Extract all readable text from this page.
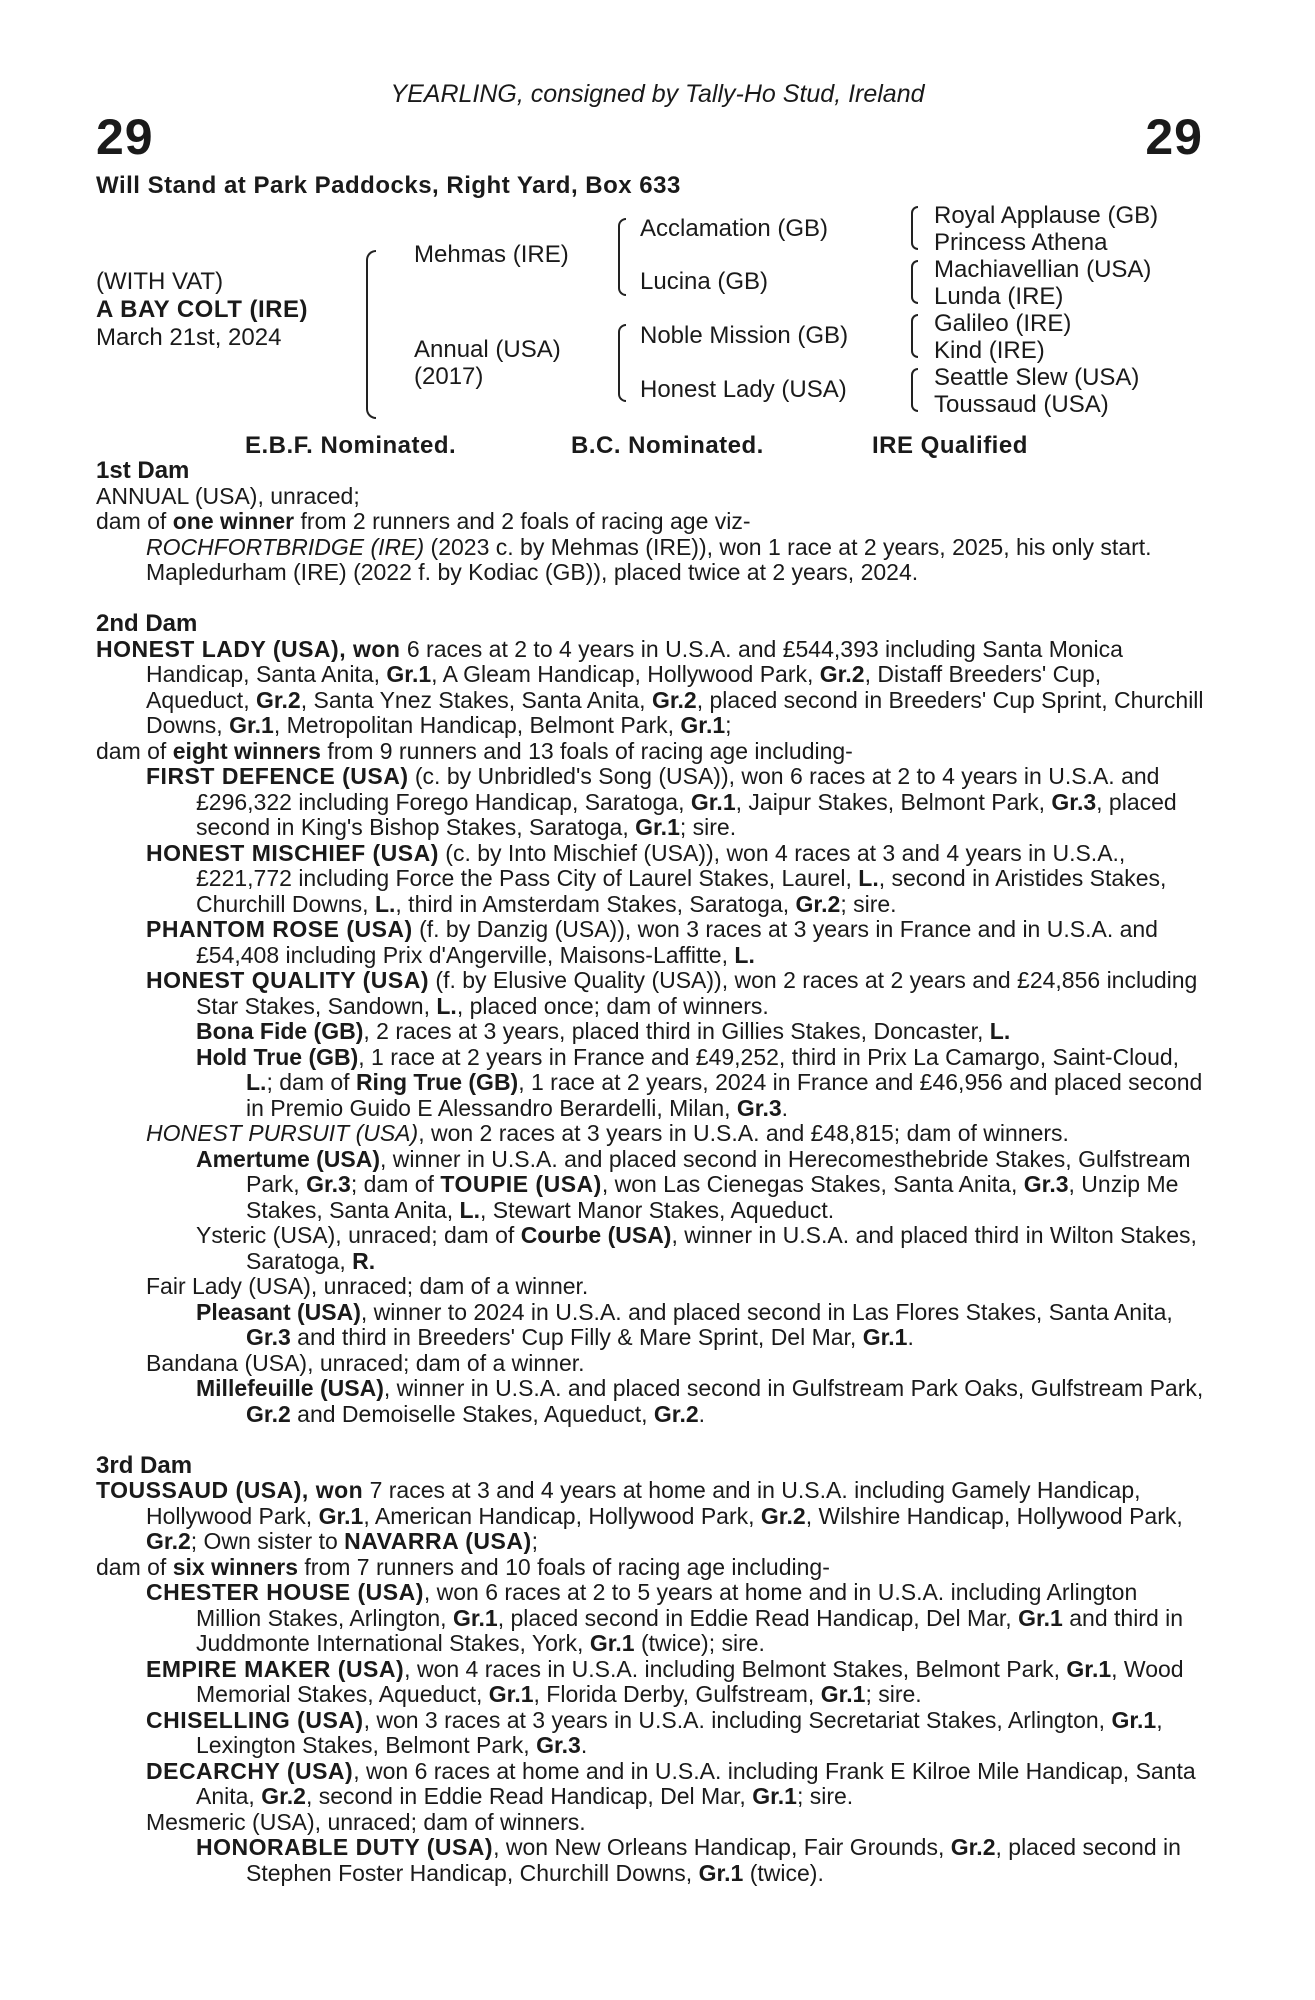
YEARLING, consigned by Tally-Ho Stud, Ireland
29	29
Will Stand at Park Paddocks, Right Yard, Box 633
(WITH VAT)
A BAY COLT (IRE)
March 21st, 2024
Mehmas (IRE)
Annual (USA)
(2017)
Acclamation (GB)
Lucina (GB)
Noble Mission (GB)
Honest Lady (USA)
Royal Applause (GB)
Princess Athena
Machiavellian (USA)
Lunda (IRE)
Galileo (IRE)
Kind (IRE)
Seattle Slew (USA)
Toussaud (USA)
E.B.F. Nominated.	B.C. Nominated.	IRE Qualified

1st Dam

ANNUAL (USA), unraced;

dam of one winner from 2 runners and 2 foals of racing age viz-

ROCHFORTBRIDGE (IRE) (2023 c. by Mehmas (IRE)), won 1 race at 2 years, 2025, his only start.

Mapledurham (IRE) (2022 f. by Kodiac (GB)), placed twice at 2 years, 2024.

2nd Dam

HONEST LADY (USA), won 6 races at 2 to 4 years in U.S.A. and £544,393 including Santa Monica Handicap, Santa Anita, Gr.1, A Gleam Handicap, Hollywood Park, Gr.2, Distaff Breeders' Cup, Aqueduct, Gr.2, Santa Ynez Stakes, Santa Anita, Gr.2, placed second in Breeders' Cup Sprint, Churchill Downs, Gr.1, Metropolitan Handicap, Belmont Park, Gr.1;

dam of eight winners from 9 runners and 13 foals of racing age including-

FIRST DEFENCE (USA) (c. by Unbridled's Song (USA)), won 6 races at 2 to 4 years in U.S.A. and £296,322 including Forego Handicap, Saratoga, Gr.1, Jaipur Stakes, Belmont Park, Gr.3, placed second in King's Bishop Stakes, Saratoga, Gr.1; sire.

HONEST MISCHIEF (USA) (c. by Into Mischief (USA)), won 4 races at 3 and 4 years in U.S.A., £221,772 including Force the Pass City of Laurel Stakes, Laurel, L., second in Aristides Stakes, Churchill Downs, L., third in Amsterdam Stakes, Saratoga, Gr.2; sire.

PHANTOM ROSE (USA) (f. by Danzig (USA)), won 3 races at 3 years in France and in U.S.A. and £54,408 including Prix d'Angerville, Maisons-Laffitte, L.

HONEST QUALITY (USA) (f. by Elusive Quality (USA)), won 2 races at 2 years and £24,856 including Star Stakes, Sandown, L., placed once; dam of winners.

Bona Fide (GB), 2 races at 3 years, placed third in Gillies Stakes, Doncaster, L.

Hold True (GB), 1 race at 2 years in France and £49,252, third in Prix La Camargo, Saint-Cloud, L.; dam of Ring True (GB), 1 race at 2 years, 2024 in France and £46,956 and placed second in Premio Guido E Alessandro Berardelli, Milan, Gr.3.

HONEST PURSUIT (USA), won 2 races at 3 years in U.S.A. and £48,815; dam of winners.

Amertume (USA), winner in U.S.A. and placed second in Herecomesthebride Stakes, Gulfstream Park, Gr.3; dam of TOUPIE (USA), won Las Cienegas Stakes, Santa Anita, Gr.3, Unzip Me Stakes, Santa Anita, L., Stewart Manor Stakes, Aqueduct.

Ysteric (USA), unraced; dam of Courbe (USA), winner in U.S.A. and placed third in Wilton Stakes, Saratoga, R.

Fair Lady (USA), unraced; dam of a winner.

Pleasant (USA), winner to 2024 in U.S.A. and placed second in Las Flores Stakes, Santa Anita, Gr.3 and third in Breeders' Cup Filly & Mare Sprint, Del Mar, Gr.1.

Bandana (USA), unraced; dam of a winner.

Millefeuille (USA), winner in U.S.A. and placed second in Gulfstream Park Oaks, Gulfstream Park, Gr.2 and Demoiselle Stakes, Aqueduct, Gr.2.

3rd Dam

TOUSSAUD (USA), won 7 races at 3 and 4 years at home and in U.S.A. including Gamely Handicap, Hollywood Park, Gr.1, American Handicap, Hollywood Park, Gr.2, Wilshire Handicap, Hollywood Park, Gr.2; Own sister to NAVARRA (USA);

dam of six winners from 7 runners and 10 foals of racing age including-

CHESTER HOUSE (USA), won 6 races at 2 to 5 years at home and in U.S.A. including Arlington Million Stakes, Arlington, Gr.1, placed second in Eddie Read Handicap, Del Mar, Gr.1 and third in Juddmonte International Stakes, York, Gr.1 (twice); sire.

EMPIRE MAKER (USA), won 4 races in U.S.A. including Belmont Stakes, Belmont Park, Gr.1, Wood Memorial Stakes, Aqueduct, Gr.1, Florida Derby, Gulfstream, Gr.1; sire.

CHISELLING (USA), won 3 races at 3 years in U.S.A. including Secretariat Stakes, Arlington, Gr.1, Lexington Stakes, Belmont Park, Gr.3.

DECARCHY (USA), won 6 races at home and in U.S.A. including Frank E Kilroe Mile Handicap, Santa Anita, Gr.2, second in Eddie Read Handicap, Del Mar, Gr.1; sire.

Mesmeric (USA), unraced; dam of winners.

HONORABLE DUTY (USA), won New Orleans Handicap, Fair Grounds, Gr.2, placed second in Stephen Foster Handicap, Churchill Downs, Gr.1 (twice).
